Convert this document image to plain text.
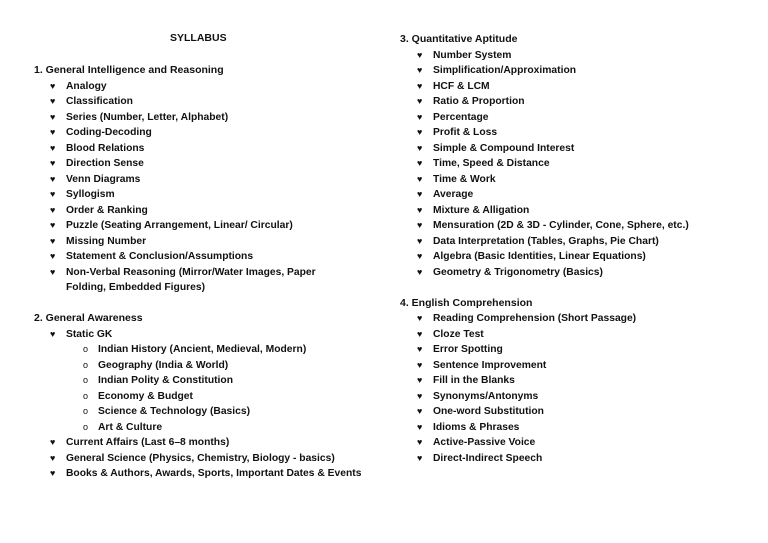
SYLLABUS
1. General Intelligence and Reasoning
♥ Analogy
♥ Classification
♥ Series (Number, Letter, Alphabet)
♥ Coding-Decoding
♥ Blood Relations
♥ Direction Sense
♥ Venn Diagrams
♥ Syllogism
♥ Order & Ranking
♥ Puzzle (Seating Arrangement, Linear/ Circular)
♥ Missing Number
♥ Statement & Conclusion/Assumptions
♥ Non-Verbal Reasoning (Mirror/Water Images, Paper Folding, Embedded Figures)
2. General Awareness
♥ Static GK
o Indian History (Ancient, Medieval, Modern)
o Geography (India & World)
o Indian Polity & Constitution
o Economy & Budget
o Science & Technology (Basics)
o Art & Culture
♥ Current Affairs (Last 6–8 months)
♥ General Science (Physics, Chemistry, Biology - basics)
♥ Books & Authors, Awards, Sports, Important Dates & Events
3. Quantitative Aptitude
♥ Number System
♥ Simplification/Approximation
♥ HCF & LCM
♥ Ratio & Proportion
♥ Percentage
♥ Profit & Loss
♥ Simple & Compound Interest
♥ Time, Speed & Distance
♥ Time & Work
♥ Average
♥ Mixture & Alligation
♥ Mensuration (2D & 3D - Cylinder, Cone, Sphere, etc.)
♥ Data Interpretation (Tables, Graphs, Pie Chart)
♥ Algebra (Basic Identities, Linear Equations)
♥ Geometry & Trigonometry (Basics)
4. English Comprehension
♥ Reading Comprehension (Short Passage)
♥ Cloze Test
♥ Error Spotting
♥ Sentence Improvement
♥ Fill in the Blanks
♥ Synonyms/Antonyms
♥ One-word Substitution
♥ Idioms & Phrases
♥ Active-Passive Voice
♥ Direct-Indirect Speech
